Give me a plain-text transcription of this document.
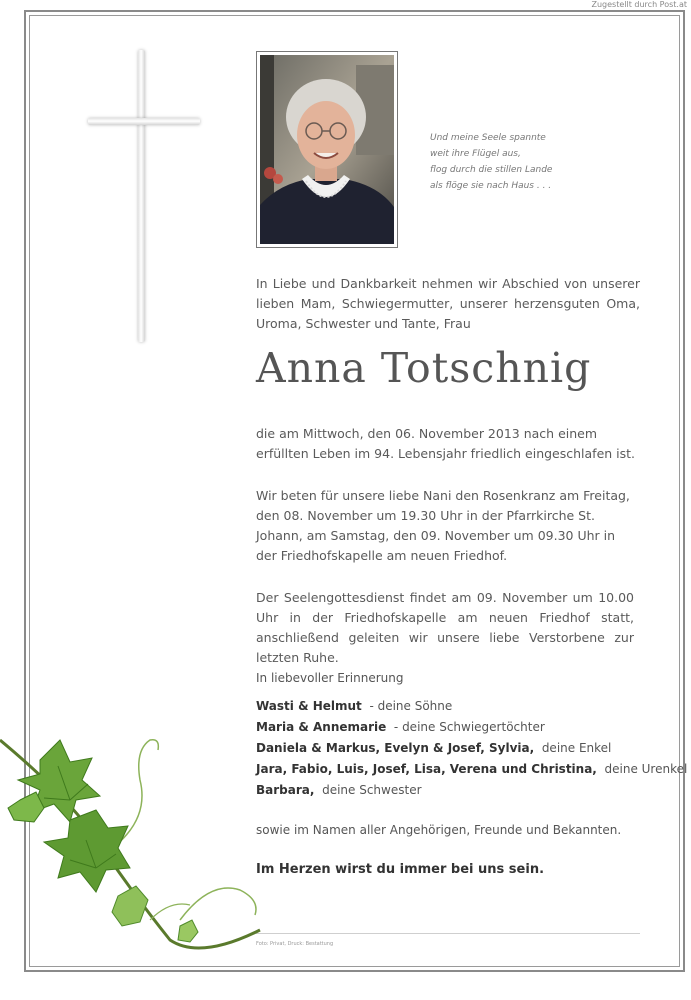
Zugestellt durch Post.at
Und meine Seele spannte
weit ihre Flügel aus,
flog durch die stillen Lande
als flöge sie nach Haus . . .
In Liebe und Dankbarkeit nehmen wir Abschied von unserer lieben Mam, Schwiegermutter, unserer herzensguten Oma, Uroma, Schwester und Tante, Frau
Anna Totschnig
die am Mittwoch, den 06. November 2013 nach einem erfüllten Leben im 94. Lebensjahr friedlich eingeschlafen ist.
Wir beten für unsere liebe Nani den Rosenkranz am Freitag, den 08. November um 19.30 Uhr in der Pfarrkirche St. Johann, am Samstag, den 09. November um 09.30 Uhr in der Friedhofskapelle am neuen Friedhof.
Der Seelengottesdienst findet am 09. November um 10.00 Uhr in der Friedhofskapelle am neuen Friedhof statt, anschließend geleiten wir unsere liebe Verstorbene zur letzten Ruhe.
In liebevoller Erinnerung
Wasti & Helmut - deine Söhne
Maria & Annemarie - deine Schwiegertöchter
Daniela & Markus, Evelyn & Josef, Sylvia, deine Enkel
Jara, Fabio, Luis, Josef, Lisa, Verena und Christina, deine Urenkel
Barbara, deine Schwester
sowie im Namen aller Angehörigen, Freunde und Bekannten.
Im Herzen wirst du immer bei uns sein.
Foto: Privat, Druck: Bestattung
